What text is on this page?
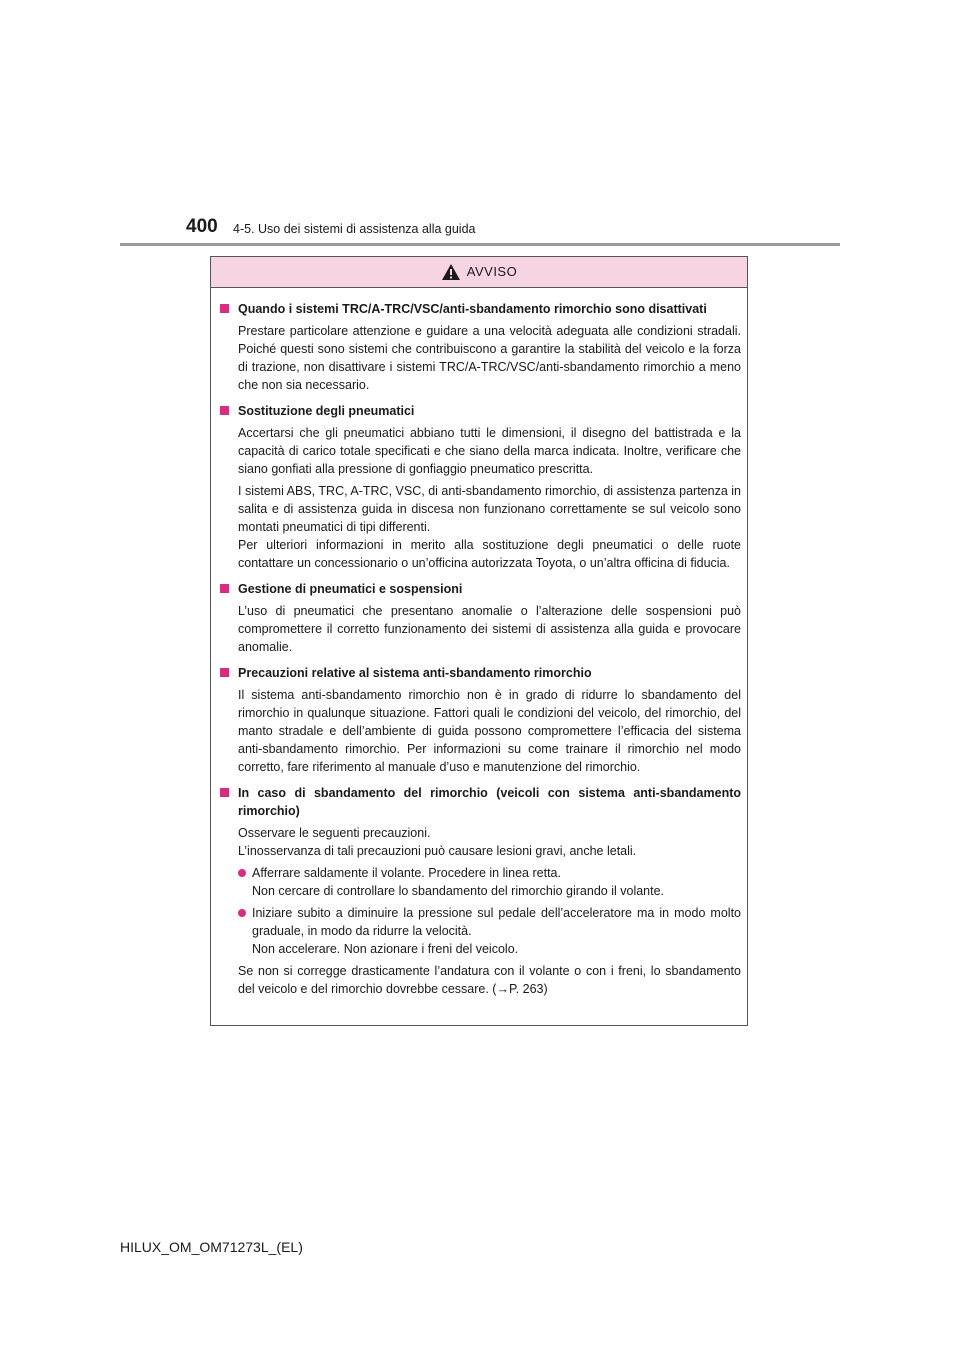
400 4-5. Uso dei sistemi di assistenza alla guida
AVVISO
Quando i sistemi TRC/A-TRC/VSC/anti-sbandamento rimorchio sono disattivati
Prestare particolare attenzione e guidare a una velocità adeguata alle condizioni stradali. Poiché questi sono sistemi che contribuiscono a garantire la stabilità del veicolo e la forza di trazione, non disattivare i sistemi TRC/A-TRC/VSC/anti-sbandamento rimorchio a meno che non sia necessario.
Sostituzione degli pneumatici
Accertarsi che gli pneumatici abbiano tutti le dimensioni, il disegno del battistrada e la capacità di carico totale specificati e che siano della marca indicata. Inoltre, verificare che siano gonfiati alla pressione di gonfiaggio pneumatico prescritta.
I sistemi ABS, TRC, A-TRC, VSC, di anti-sbandamento rimorchio, di assistenza partenza in salita e di assistenza guida in discesa non funzionano correttamente se sul veicolo sono montati pneumatici di tipi differenti.
Per ulteriori informazioni in merito alla sostituzione degli pneumatici o delle ruote contattare un concessionario o un’officina autorizzata Toyota, o un’altra officina di fiducia.
Gestione di pneumatici e sospensioni
L’uso di pneumatici che presentano anomalie o l’alterazione delle sospensioni può compromettere il corretto funzionamento dei sistemi di assistenza alla guida e provocare anomalie.
Precauzioni relative al sistema anti-sbandamento rimorchio
Il sistema anti-sbandamento rimorchio non è in grado di ridurre lo sbandamento del rimorchio in qualunque situazione. Fattori quali le condizioni del veicolo, del rimorchio, del manto stradale e dell’ambiente di guida possono compromettere l’efficacia del sistema anti-sbandamento rimorchio. Per informazioni su come trainare il rimorchio nel modo corretto, fare riferimento al manuale d’uso e manutenzione del rimorchio.
In caso di sbandamento del rimorchio (veicoli con sistema anti-sbandamento rimorchio)
Osservare le seguenti precauzioni.
L’inosservanza di tali precauzioni può causare lesioni gravi, anche letali.
Afferrare saldamente il volante. Procedere in linea retta.
Non cercare di controllare lo sbandamento del rimorchio girando il volante.
Iniziare subito a diminuire la pressione sul pedale dell’acceleratore ma in modo molto graduale, in modo da ridurre la velocità.
Non accelerare. Non azionare i freni del veicolo.
Se non si corregge drasticamente l’andatura con il volante o con i freni, lo sbandamento del veicolo e del rimorchio dovrebbe cessare. (→P. 263)
HILUX_OM_OM71273L_(EL)
